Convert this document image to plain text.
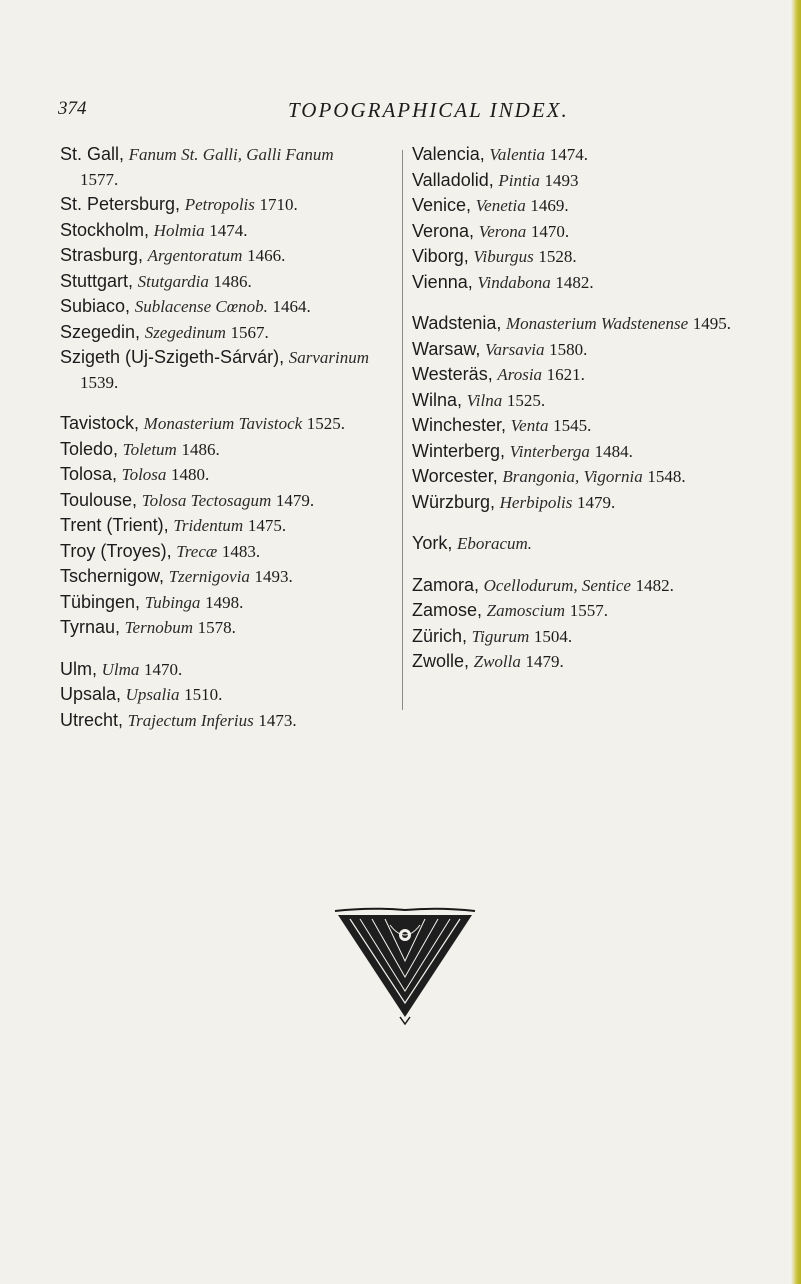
374	TOPOGRAPHICAL INDEX.
St. Gall, Fanum St. Galli, Galli Fanum
1577.
St. Petersburg, Petropolis 1710.
Stockholm, Holmia 1474.
Strasburg, Argentoratum 1466.
Stuttgart, Stutgardia 1486.
Subiaco, Sublacense Cœnob. 1464.
Szegedin, Szegedinum 1567.
Szigeth (Uj-Szigeth-Sárvár), Sarvarinum
1539.
Tavistock, Monasterium Tavistock 1525.
Toledo, Toletum 1486.
Tolosa, Tolosa 1480.
Toulouse, Tolosa Tectosagum 1479.
Trent (Trient), Tridentum 1475.
Troy (Troyes), Trecæ 1483.
Tschernigow, Tzernigovia 1493.
Tübingen, Tubinga 1498.
Tyrnau, Ternobum 1578.
Ulm, Ulma 1470.
Upsala, Upsalia 1510.
Utrecht, Trajectum Inferius 1473.
Valencia, Valentia 1474.
Valladolid, Pintia 1493
Venice, Venetia 1469.
Verona, Verona 1470.
Viborg, Viburgus 1528.
Vienna, Vindabona 1482.
Wadstenia, Monasterium Wadstenense 1495.
Warsaw, Varsavia 1580.
Westeräs, Arosia 1621.
Wilna, Vilna 1525.
Winchester, Venta 1545.
Winterberg, Vinterberga 1484.
Worcester, Brangonia, Vigornia 1548.
Würzburg, Herbipolis 1479.
York, Eboracum.
Zamora, Ocellodurum, Sentice 1482.
Zamose, Zamoscium 1557.
Zürich, Tigurum 1504.
Zwolle, Zwolla 1479.
